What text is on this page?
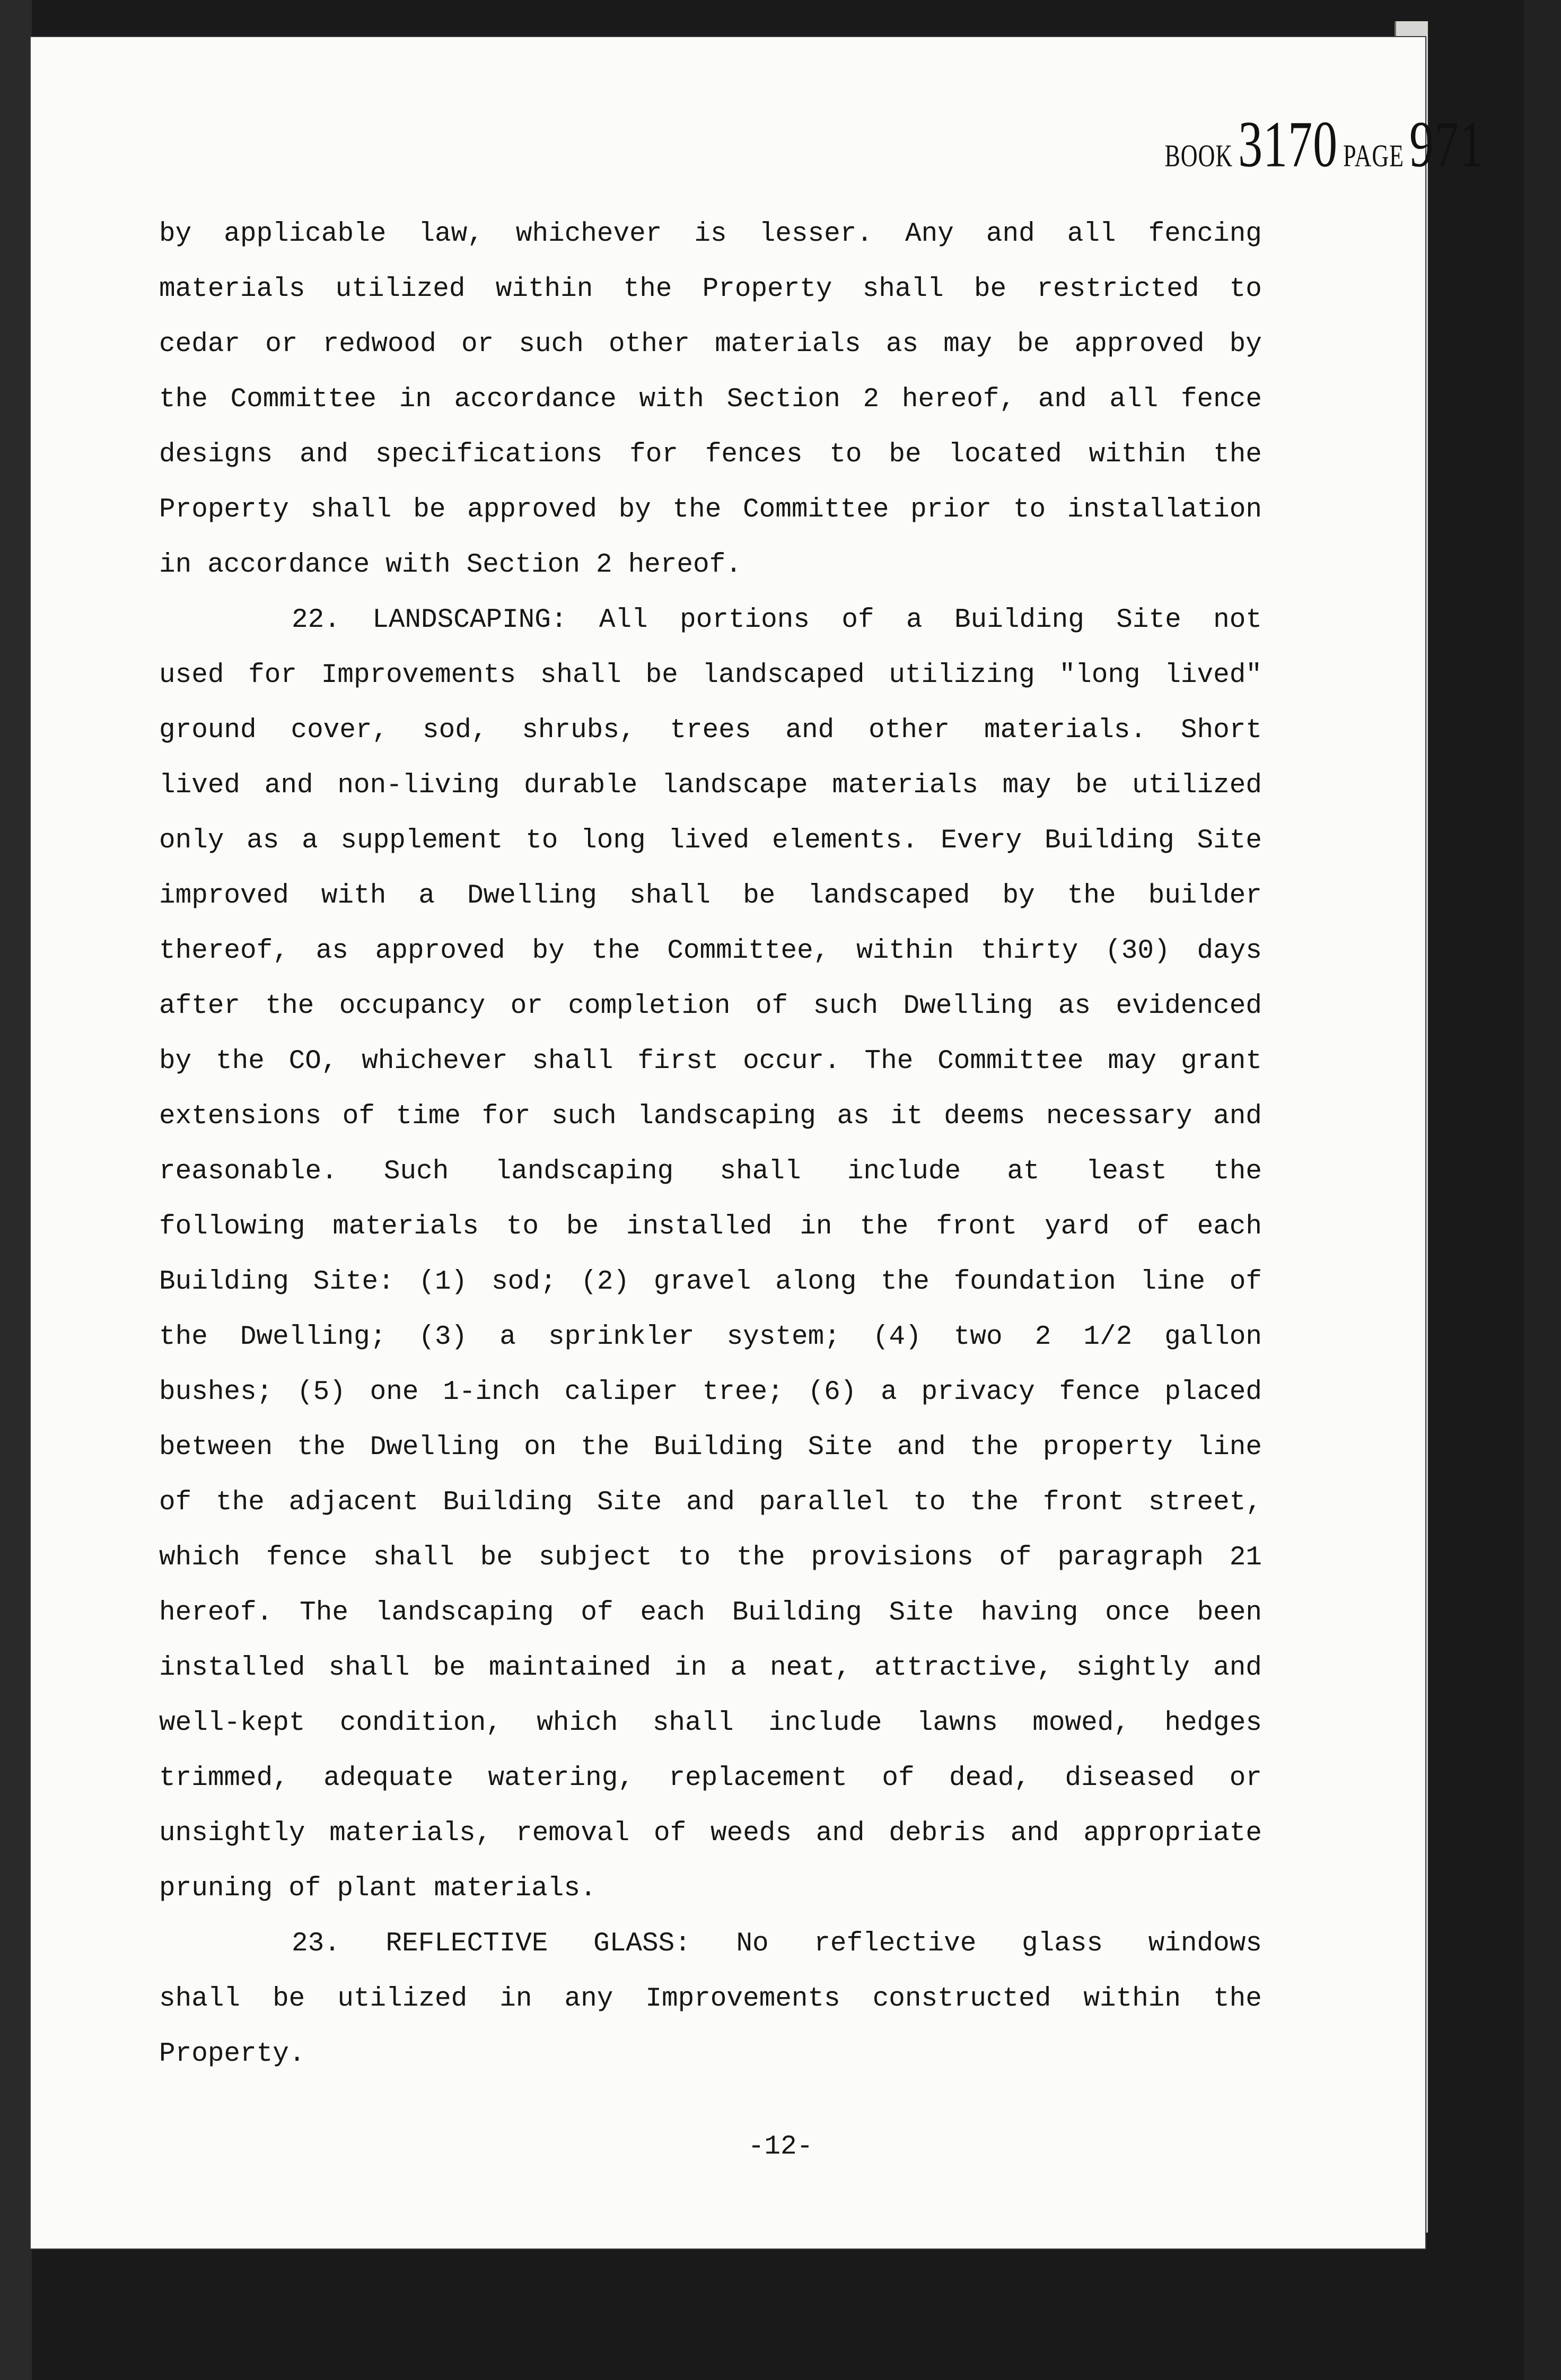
BOOK 3170 PAGE 971
by applicable law, whichever is lesser. Any and all fencing
materials utilized within the Property shall be restricted to
cedar or redwood or such other materials as may be approved by
the Committee in accordance with Section 2 hereof, and all fence
designs and specifications for fences to be located within the
Property shall be approved by the Committee prior to installation
in accordance with Section 2 hereof.
22. LANDSCAPING: All portions of a Building Site not
used for Improvements shall be landscaped utilizing "long lived"
ground cover, sod, shrubs, trees and other materials. Short
lived and non-living durable landscape materials may be utilized
only as a supplement to long lived elements. Every Building Site
improved with a Dwelling shall be landscaped by the builder
thereof, as approved by the Committee, within thirty (30) days
after the occupancy or completion of such Dwelling as evidenced
by the CO, whichever shall first occur. The Committee may grant
extensions of time for such landscaping as it deems necessary and
reasonable. Such landscaping shall include at least the
following materials to be installed in the front yard of each
Building Site: (1) sod; (2) gravel along the foundation line of
the Dwelling; (3) a sprinkler system; (4) two 2 1/2 gallon
bushes; (5) one 1-inch caliper tree; (6) a privacy fence placed
between the Dwelling on the Building Site and the property line
of the adjacent Building Site and parallel to the front street,
which fence shall be subject to the provisions of paragraph 21
hereof. The landscaping of each Building Site having once been
installed shall be maintained in a neat, attractive, sightly and
well-kept condition, which shall include lawns mowed, hedges
trimmed, adequate watering, replacement of dead, diseased or
unsightly materials, removal of weeds and debris and appropriate
pruning of plant materials.
23. REFLECTIVE GLASS: No reflective glass windows
shall be utilized in any Improvements constructed within the
Property.
-12-
